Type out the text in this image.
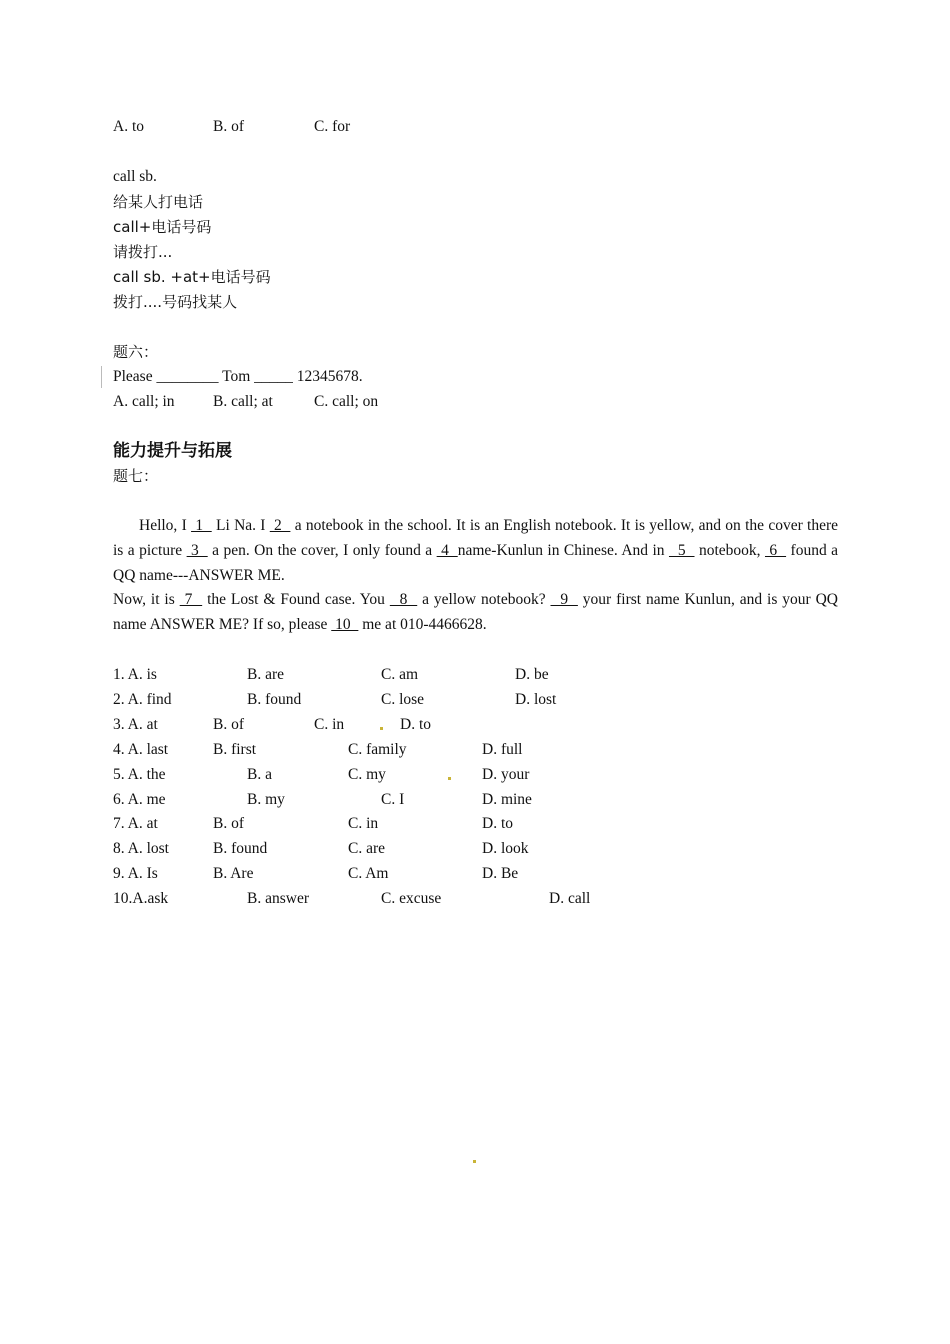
A. to	B. of	C. for
call sb.
给某人打电话
call+电话号码
请拨打...
call sb. +at+电话号码
拨打....号码找某人
题六：
Please ________ Tom _____ 12345678.
A. call; in B. call; at	C. call; on
能力提升与拓展
题七：

Hello, I  1   Li Na. I  2   a notebook in the school. It is an English notebook. It is yellow, and on the cover there is a picture  3   a pen. On the cover, I only found a  4  name-Kunlun in Chinese. And in   5   notebook,  6   found a QQ name---ANSWER ME.

Now, it is  7   the Lost & Found case. You   8   a yellow notebook?   9   your first name Kunlun, and is your QQ name ANSWER ME? If so, please  10   me at 010-4466628.

1. A. is	B. are	C. am	D. be
2. A. find	B. found	C. lose	D. lost
3. A. at	B. of	C. in	D. to
4. A. last	B. first	C. family	D. full
5. A. the	B. a	C. my	D. your
6. A. me	B. my	C. I	D. mine
7. A. at	B. of	C. in	D. to
8. A. lost	B. found	C. are	D. look
9. A. Is	B. Are	C. Am	D. Be
10.A.ask	B. answer	C. excuse	D. call
